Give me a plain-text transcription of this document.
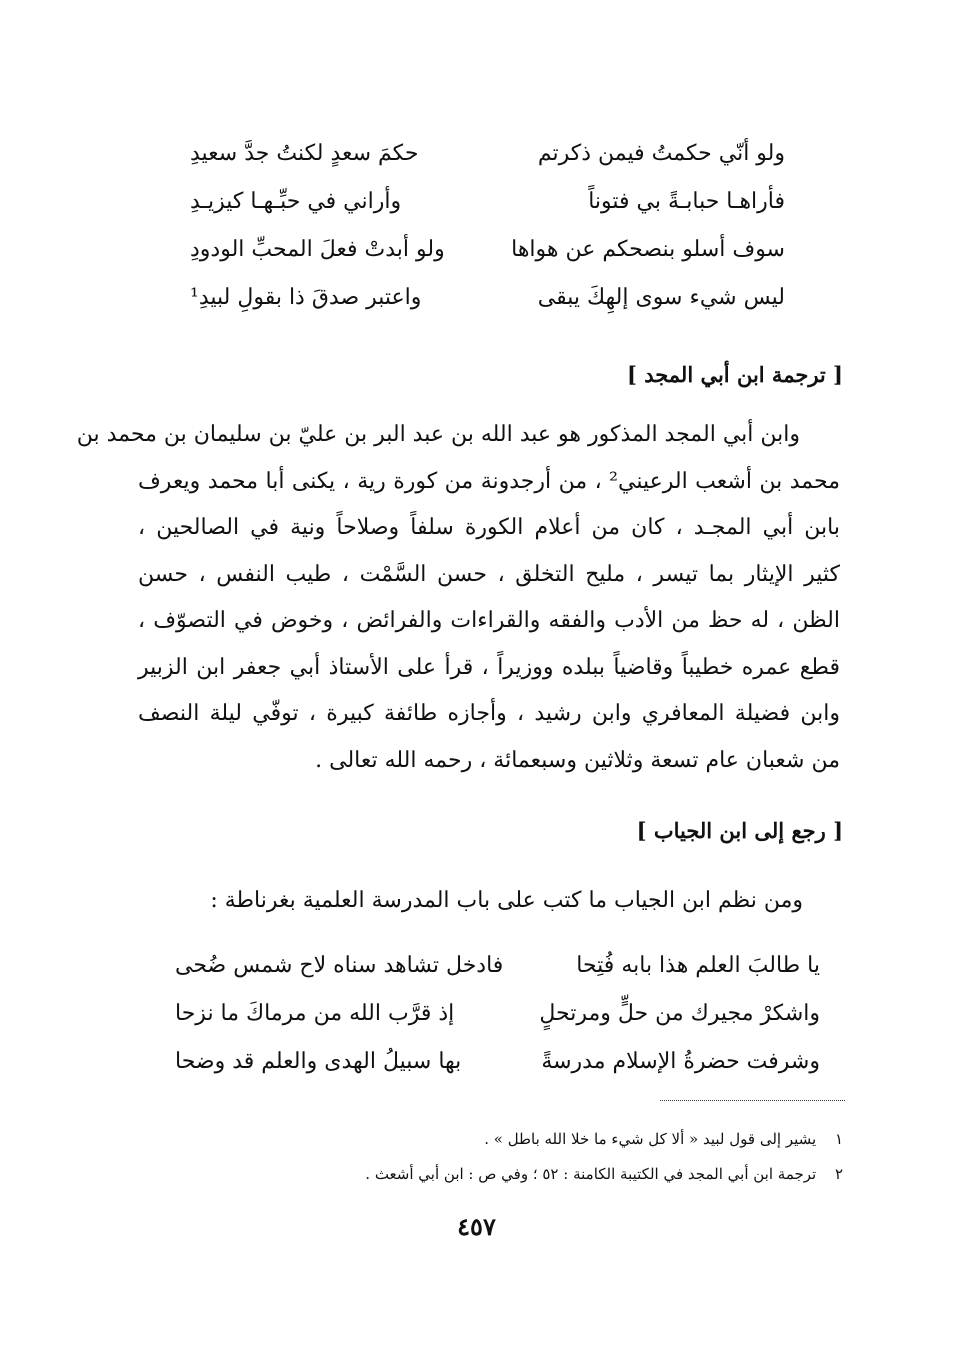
ولو أنّي حكمتُ فيمن ذكرتم
حكمَ سعدٍ لكنتُ جدَّ سعيدِ
فأراهـا حبابـةً بي فتوناً
وأراني في حبِّـهـا كيزيـدِ
سوف أسلو بنصحكم عن هواها
ولو أبدتْ فعلَ المحبِّ الودودِ
ليس شيء سوى إلهِكَ يبقى
واعتبر صدقَ ذا بقولِ لبيدِ¹
[ ترجمة ابن أبي المجد ]
وابن أبي المجد المذكور هو عبد الله بن عبد البر بن عليّ بن سليمان بن محمد بن
محمد بن أشعب الرعيني² ، من أرجدونة من كورة رية ، يكنى أبا محمد ويعرف
بابن أبي المجـد ، كان من أعلام الكورة سلفاً وصلاحاً ونية في الصالحين ،
كثير الإيثار بما تيسر ، مليح التخلق ، حسن السَّمْت ، طيب النفس ، حسن
الظن ، له حظ من الأدب والفقه والقراءات والفرائض ، وخوض في التصوّف ،
قطع عمره خطيباً وقاضياً ببلده ووزيراً ، قرأ على الأستاذ أبي جعفر ابن الزبير
وابن فضيلة المعافري وابن رشيد ، وأجازه طائفة كبيرة ، توفّي ليلة النصف
من شعبان عام تسعة وثلاثين وسبعمائة ، رحمه الله تعالى .
[ رجع إلى ابن الجياب ]
ومن نظم ابن الجياب ما كتب على باب المدرسة العلمية بغرناطة :
يا طالبَ العلم هذا بابه فُتِحا
فادخل تشاهد سناه لاح شمس ضُحى
واشكرْ مجيرك من حلٍّ ومرتحلٍ
إذ قرَّب الله من مرماكَ ما نزحا
وشرفت حضرةُ الإسلام مدرسةً
بها سبيلُ الهدى والعلم قد وضحا
١ يشير إلى قول لبيد « ألا كل شيء ما خلا الله باطل » .
٢ ترجمة ابن أبي المجد في الكتيبة الكامنة : ٥٢ ؛ وفي ص : ابن أبي أشعث .
٤٥٧
